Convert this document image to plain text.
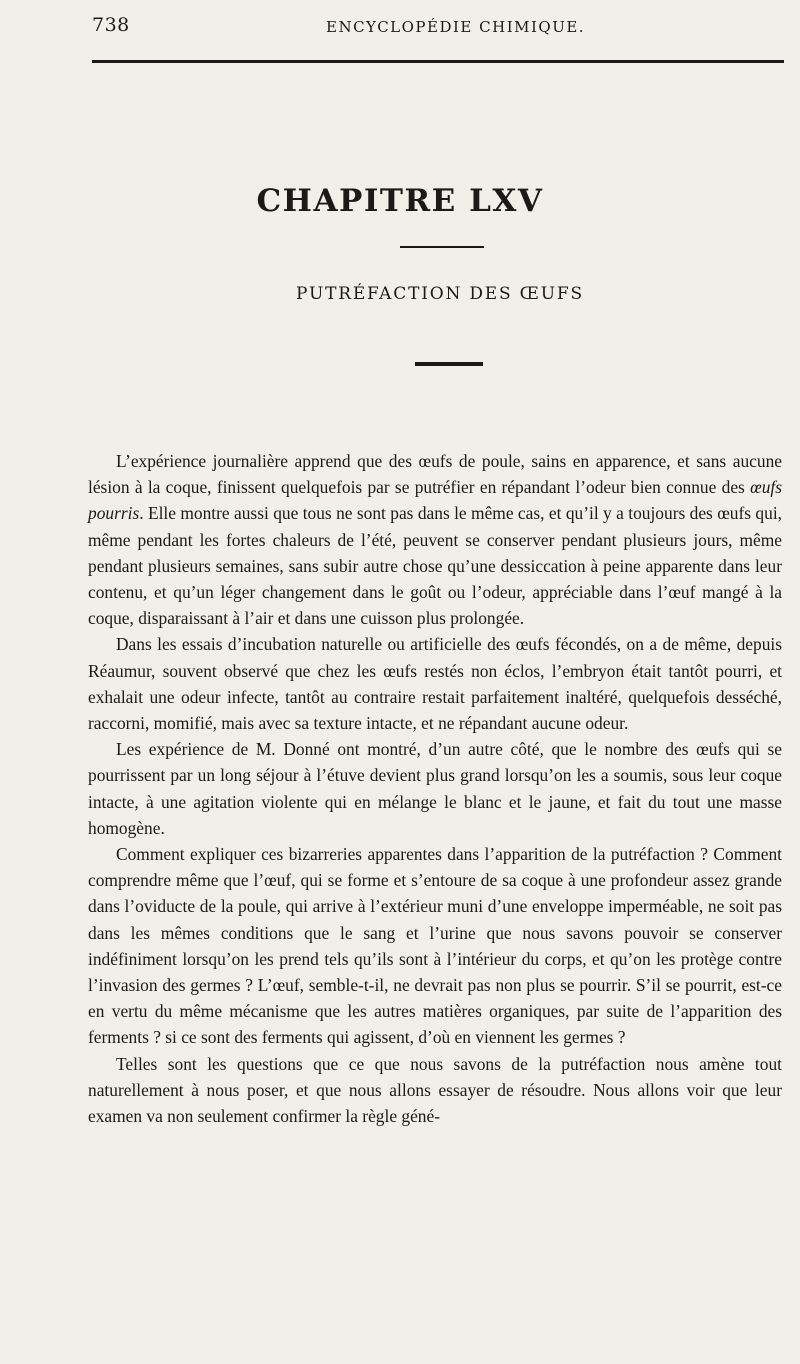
738	ENCYCLOPÉDIE CHIMIQUE.
CHAPITRE LXV
PUTRÉFACTION DES ŒUFS

L’expérience journalière apprend que des œufs de poule, sains en apparence, et sans aucune lésion à la coque, finissent quelquefois par se putréfier en répandant l’odeur bien connue des œufs pourris. Elle montre aussi que tous ne sont pas dans le même cas, et qu’il y a toujours des œufs qui, même pendant les fortes chaleurs de l’été, peuvent se conserver pendant plusieurs jours, même pendant plusieurs semaines, sans subir autre chose qu’une dessiccation à peine apparente dans leur contenu, et qu’un léger changement dans le goût ou l’odeur, appréciable dans l’œuf mangé à la coque, disparaissant à l’air et dans une cuisson plus prolongée.

Dans les essais d’incubation naturelle ou artificielle des œufs fécondés, on a de même, depuis Réaumur, souvent observé que chez les œufs restés non éclos, l’embryon était tantôt pourri, et exhalait une odeur infecte, tantôt au contraire restait parfaitement inaltéré, quelquefois desséché, raccorni, momifié, mais avec sa texture intacte, et ne répandant aucune odeur.

Les expérience de M. Donné ont montré, d’un autre côté, que le nombre des œufs qui se pourrissent par un long séjour à l’étuve devient plus grand lorsqu’on les a soumis, sous leur coque intacte, à une agitation violente qui en mélange le blanc et le jaune, et fait du tout une masse homogène.

Comment expliquer ces bizarreries apparentes dans l’apparition de la putréfaction ? Comment comprendre même que l’œuf, qui se forme et s’entoure de sa coque à une profondeur assez grande dans l’oviducte de la poule, qui arrive à l’extérieur muni d’une enveloppe imperméable, ne soit pas dans les mêmes conditions que le sang et l’urine que nous savons pouvoir se conserver indéfiniment lorsqu’on les prend tels qu’ils sont à l’intérieur du corps, et qu’on les protège contre l’invasion des germes ? L’œuf, semble-t-il, ne devrait pas non plus se pourrir. S’il se pourrit, est-ce en vertu du même mécanisme que les autres matières organiques, par suite de l’apparition des ferments ? si ce sont des ferments qui agissent, d’où en viennent les germes ?

Telles sont les questions que ce que nous savons de la putréfaction nous amène tout naturellement à nous poser, et que nous allons essayer de résoudre. Nous allons voir que leur examen va non seulement confirmer la règle géné-
